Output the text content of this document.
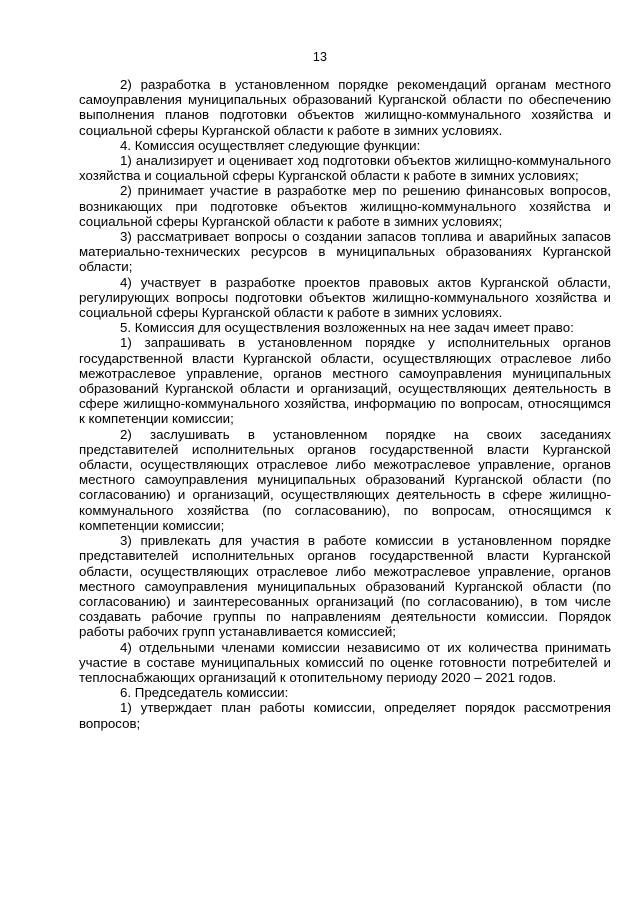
13

2) разработка в установленном порядке рекомендаций органам местного самоуправления муниципальных образований Курганской области по обеспечению выполнения планов подготовки объектов жилищно-коммунального хозяйства и социальной сферы Курганской области к работе в зимних условиях.

4. Комиссия осуществляет следующие функции:

1) анализирует и оценивает ход подготовки объектов жилищно-коммунального хозяйства и социальной сферы Курганской области к работе в зимних условиях;

2) принимает участие в разработке мер по решению финансовых вопросов, возникающих при подготовке объектов жилищно-коммунального хозяйства и социальной сферы Курганской области к работе в зимних условиях;

3) рассматривает вопросы о создании запасов топлива и аварийных запасов материально-технических ресурсов в муниципальных образованиях Курганской области;

4) участвует в разработке проектов правовых актов Курганской области, регулирующих вопросы подготовки объектов жилищно-коммунального хозяйства и социальной сферы Курганской области к работе в зимних условиях.

5. Комиссия для осуществления возложенных на нее задач имеет право:

1) запрашивать в установленном порядке у исполнительных органов государственной власти Курганской области, осуществляющих отраслевое либо межотраслевое управление, органов местного самоуправления муниципальных образований Курганской области и организаций, осуществляющих деятельность в сфере жилищно-коммунального хозяйства, информацию по вопросам, относящимся к компетенции комиссии;

2) заслушивать в установленном порядке на своих заседаниях представителей исполнительных органов государственной власти Курганской области, осуществляющих отраслевое либо межотраслевое управление, органов местного самоуправления муниципальных образований Курганской области (по согласованию) и организаций, осуществляющих деятельность в сфере жилищно-коммунального хозяйства (по согласованию), по вопросам, относящимся к компетенции комиссии;

3) привлекать для участия в работе комиссии в установленном порядке представителей исполнительных органов государственной власти Курганской области, осуществляющих отраслевое либо межотраслевое управление, органов местного самоуправления муниципальных образований Курганской области (по согласованию) и заинтересованных организаций (по согласованию), в том числе создавать рабочие группы по направлениям деятельности комиссии. Порядок работы рабочих групп устанавливается комиссией;

4) отдельными членами комиссии независимо от их количества принимать участие в составе муниципальных комиссий по оценке готовности потребителей и теплоснабжающих организаций к отопительному периоду 2020 – 2021 годов.

6. Председатель комиссии:

1) утверждает план работы комиссии, определяет порядок рассмотрения вопросов;
